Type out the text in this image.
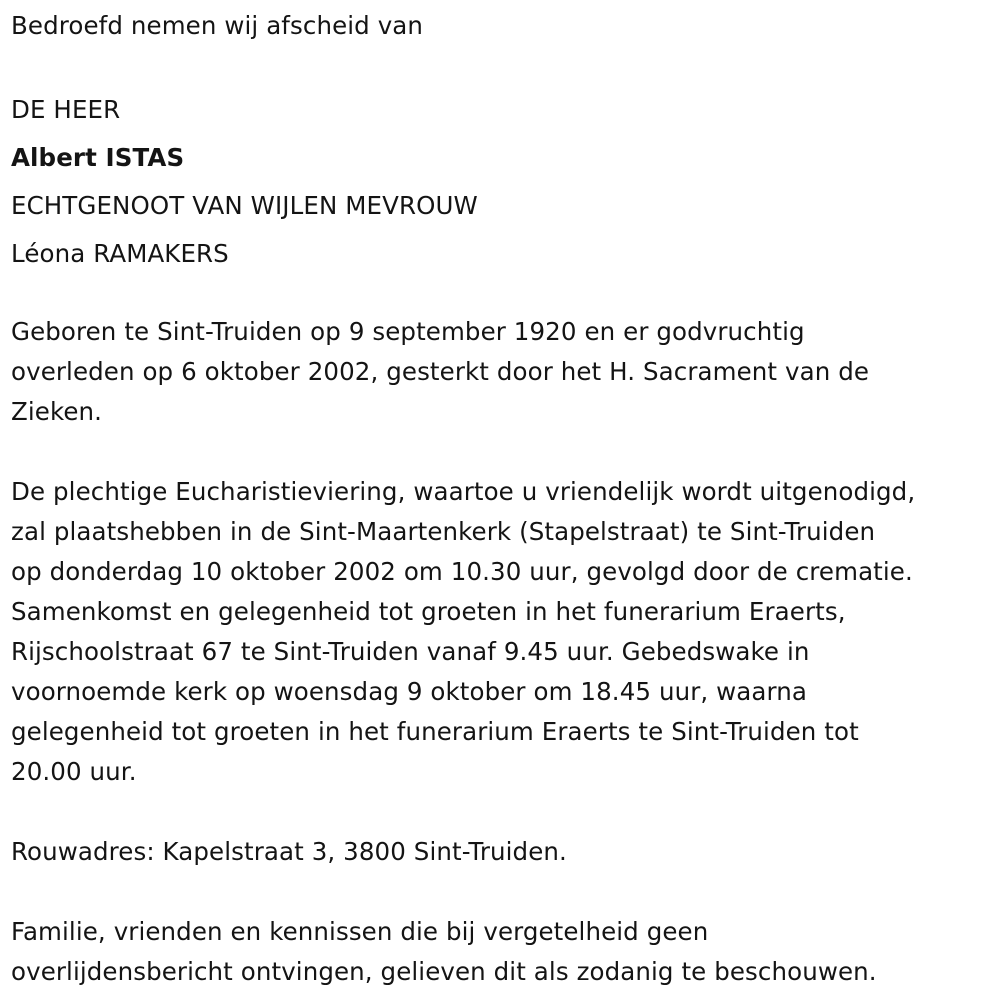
Bedroefd nemen wij afscheid van
DE HEER
Albert ISTAS
ECHTGENOOT VAN WIJLEN MEVROUW
Léona RAMAKERS
Geboren te Sint-Truiden op 9 september 1920 en er godvruchtig
overleden op 6 oktober 2002, gesterkt door het H. Sacrament van de
Zieken.
De plechtige Eucharistieviering, waartoe u vriendelijk wordt uitgenodigd,
zal plaatshebben in de Sint-Maartenkerk (Stapelstraat) te Sint-Truiden
op donderdag 10 oktober 2002 om 10.30 uur, gevolgd door de crematie.
Samenkomst en gelegenheid tot groeten in het funerarium Eraerts,
Rijschoolstraat 67 te Sint-Truiden vanaf 9.45 uur. Gebedswake in
voornoemde kerk op woensdag 9 oktober om 18.45 uur, waarna
gelegenheid tot groeten in het funerarium Eraerts te Sint-Truiden tot
20.00 uur.
Rouwadres: Kapelstraat 3, 3800 Sint-Truiden.
Familie, vrienden en kennissen die bij vergetelheid geen
overlijdensbericht ontvingen, gelieven dit als zodanig te beschouwen.
